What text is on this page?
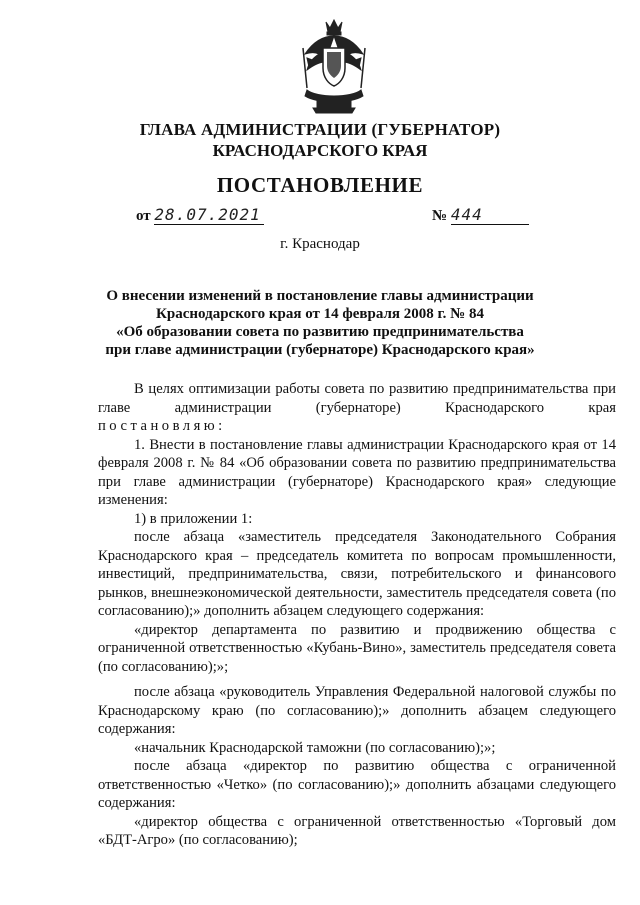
ГЛАВА АДМИНИСТРАЦИИ (ГУБЕРНАТОР)
КРАСНОДАРСКОГО КРАЯ
ПОСТАНОВЛЕНИЕ
от 28.07.2021	№ 444
г. Краснодар
О внесении изменений в постановление главы администрации
Краснодарского края от 14 февраля 2008 г. № 84
«Об образовании совета по развитию предпринимательства
при главе администрации (губернаторе) Краснодарского края»

В целях оптимизации работы совета по развитию предпринимательства при главе администрации (губернаторе) Краснодарского края

постановляю:

1. Внести в постановление главы администрации Краснодарского края от 14 февраля 2008 г. № 84 «Об образовании совета по развитию предпринимательства при главе администрации (губернаторе) Краснодарского края» следующие изменения:

1) в приложении 1:

после абзаца «заместитель председателя Законодательного Собрания Краснодарского края – председатель комитета по вопросам промышленности, инвестиций, предпринимательства, связи, потребительского и финансового рынков, внешнеэкономической деятельности, заместитель председателя совета (по согласованию);» дополнить абзацем следующего содержания:

«директор департамента по развитию и продвижению общества с ограниченной ответственностью «Кубань-Вино», заместитель председателя совета (по согласованию);»;

после абзаца «руководитель Управления Федеральной налоговой службы по Краснодарскому краю (по согласованию);» дополнить абзацем следующего содержания:

«начальник Краснодарской таможни (по согласованию);»;

после абзаца «директор по развитию общества с ограниченной ответственностью «Четко» (по согласованию);» дополнить абзацами следующего содержания:

«директор общества с ограниченной ответственностью «Торговый дом «БДТ-Агро» (по согласованию);
